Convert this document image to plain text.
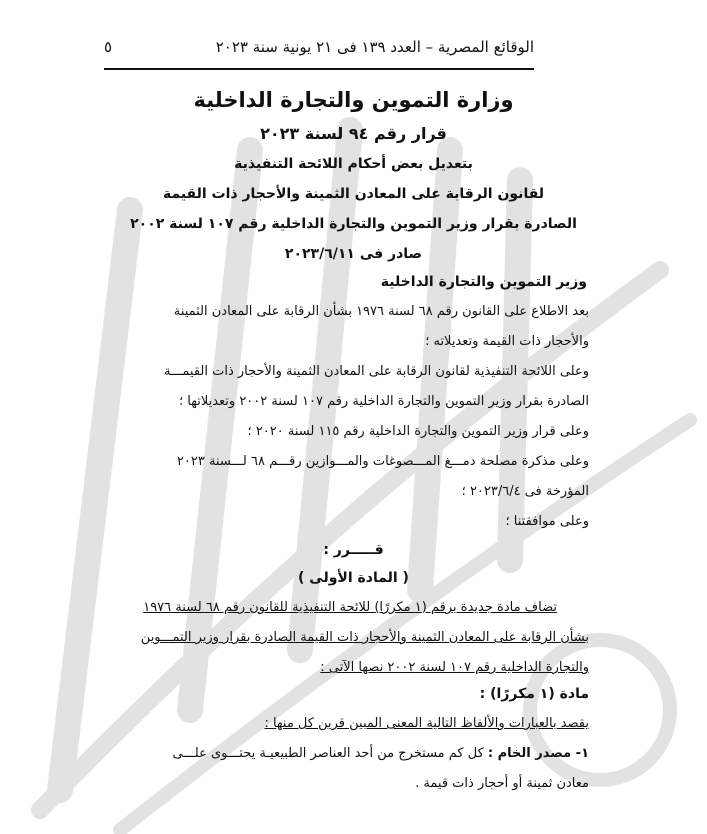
الوقائع المصرية – العدد ١٣٩ فى ٢١ يونية سنة ٢٠٢٣
٥
وزارة التموين والتجارة الداخلية
قرار رقم ٩٤ لسنة ٢٠٢٣
بتعديل بعض أحكام اللائحة التنفيذية
لقانون الرقابة على المعادن الثمينة والأحجار ذات القيمة
الصادرة بقرار وزير التموين والتجارة الداخلية رقم ١٠٧ لسنة ٢٠٠٢
صادر فى ٢٠٢٣/٦/١١
وزير التموين والتجارة الداخلية
بعد الاطلاع على القانون رقم ٦٨ لسنة ١٩٧٦ بشأن الرقابة على المعادن الثمينة
والأحجار ذات القيمة وتعديلاته ؛
وعلى اللائحة التنفيذية لقانون الرقابة على المعادن الثمينة والأحجار ذات القيمـــة
الصادرة بقرار وزير التموين والتجارة الداخلية رقم ١٠٧ لسنة ٢٠٠٢ وتعديلاتها ؛
وعلى قرار وزير التموين والتجارة الداخلية رقم ١١٥ لسنة ٢٠٢٠ ؛
وعلى مذكرة مصلحة دمـــغ المـــصوغات والمـــوازين رقـــم ٦٨ لـــسنة ٢٠٢٣
المؤرخة فى ٢٠٢٣/٦/٤ ؛
وعلى موافقتنا ؛
قـــــرر :
( المادة الأولى )
تضاف مادة جديدة برقم (١ مكررًا) للائحة التنفيذية للقانون رقم ٦٨ لسنة ١٩٧٦
بشأن الرقابة على المعادن الثمينة والأحجار ذات القيمة الصادرة بقرار وزير التمـــوين
والتجارة الداخلية رقم ١٠٧ لسنة ٢٠٠٢ نصها الآتى :
مادة (١ مكررًا) :
يقصد بالعبارات والألفاظ التالية المعنى المبين قرين كل منها :
١- مصدر الخام : كل كم مستخرج من أحد العناصر الطبيعيـة يحتـــوى علـــى
معادن ثمينة أو أحجار ذات قيمة .
